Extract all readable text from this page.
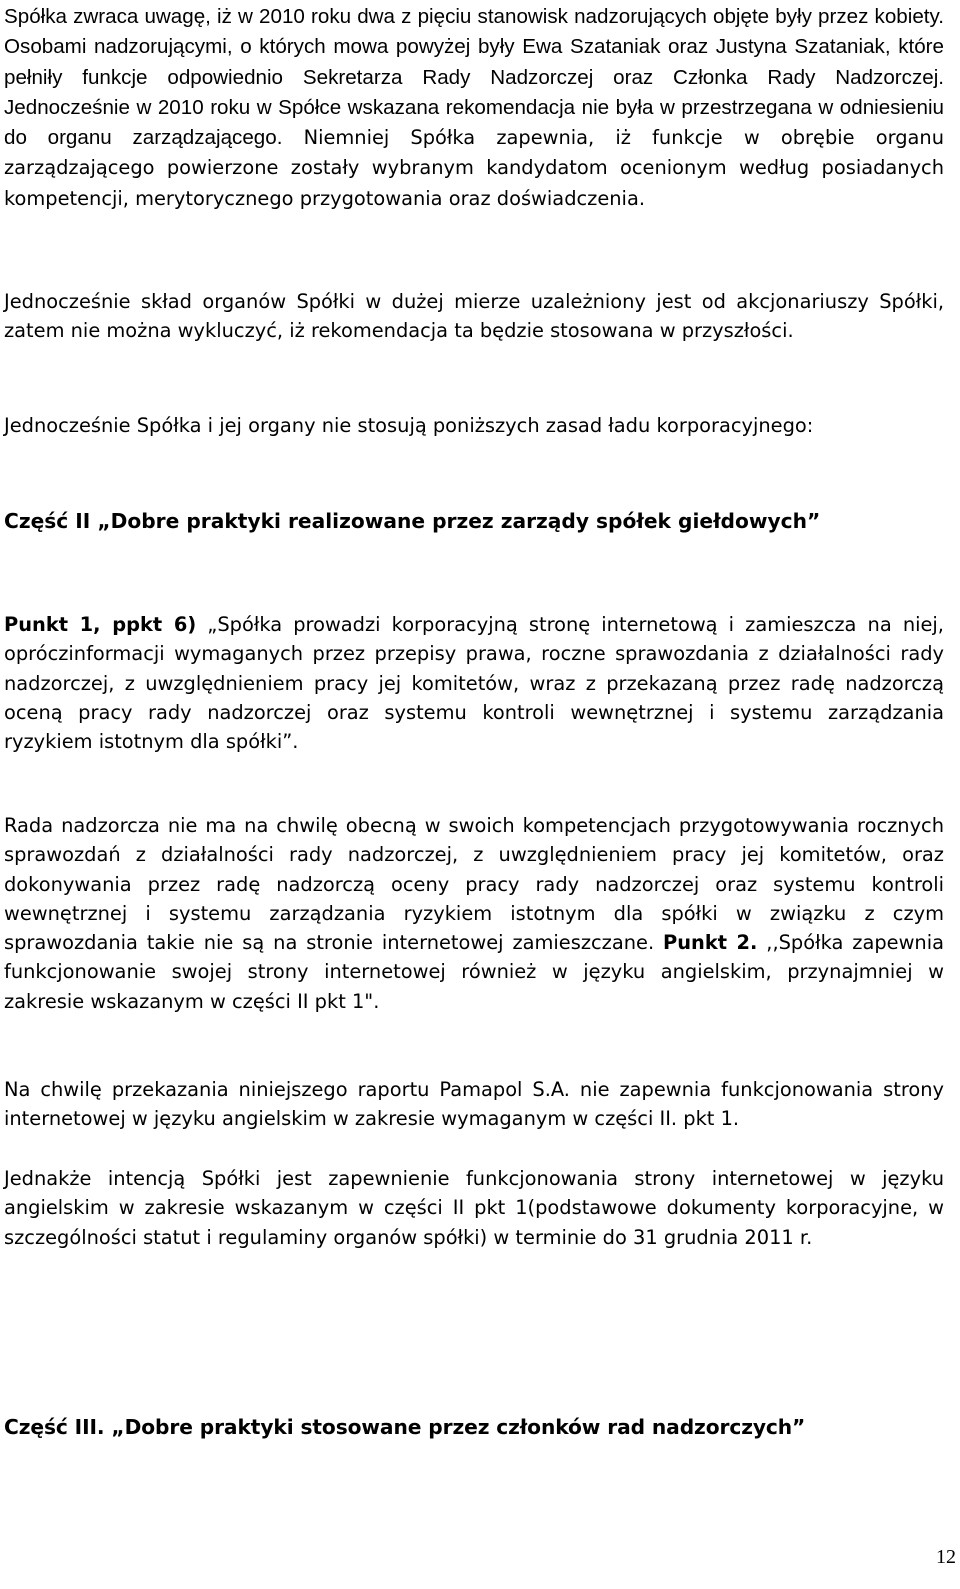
Spółka zwraca uwagę, iż w 2010 roku dwa z pięciu stanowisk nadzorujących objęte były przez kobiety. Osobami nadzorującymi, o których mowa powyżej były Ewa Szataniak oraz Justyna Szataniak, które pełniły funkcje odpowiednio Sekretarza Rady Nadzorczej oraz Członka Rady Nadzorczej. Jednocześnie w 2010 roku w Spółce wskazana rekomendacja nie była w przestrzegana w odniesieniu do organu zarządzającego. Niemniej Spółka zapewnia, iż funkcje w obrębie organu zarządzającego powierzone zostały wybranym kandydatom ocenionym według posiadanych kompetencji, merytorycznego przygotowania oraz doświadczenia.

Jednocześnie skład organów Spółki w dużej mierze uzależniony jest od akcjonariuszy Spółki, zatem nie można wykluczyć, iż rekomendacja ta będzie stosowana w przyszłości.

Jednocześnie Spółka i jej organy nie stosują poniższych zasad ładu korporacyjnego:

Część II „Dobre praktyki realizowane przez zarządy spółek giełdowych”

Punkt 1, ppkt 6) „Spółka prowadzi korporacyjną stronę internetową i zamieszcza na niej, opróczinformacji wymaganych przez przepisy prawa, roczne sprawozdania z działalności rady nadzorczej, z uwzględnieniem pracy jej komitetów, wraz z przekazaną przez radę nadzorczą oceną pracy rady nadzorczej oraz systemu kontroli wewnętrznej i systemu zarządzania ryzykiem istotnym dla spółki”.

Rada nadzorcza nie ma na chwilę obecną w swoich kompetencjach przygotowywania rocznych sprawozdań z działalności rady nadzorczej, z uwzględnieniem pracy jej komitetów, oraz dokonywania przez radę nadzorczą oceny pracy rady nadzorczej oraz systemu kontroli wewnętrznej i systemu zarządzania ryzykiem istotnym dla spółki w związku z czym sprawozdania takie nie są na stronie internetowej zamieszczane. Punkt 2. ,,Spółka zapewnia funkcjonowanie swojej strony internetowej również w języku angielskim, przynajmniej w zakresie wskazanym w części II pkt 1".

Na chwilę przekazania niniejszego raportu Pamapol S.A. nie zapewnia funkcjonowania strony internetowej w języku angielskim w zakresie wymaganym w części II. pkt 1.

Jednakże intencją Spółki jest zapewnienie funkcjonowania strony internetowej w języku angielskim w zakresie wskazanym w części II pkt 1(podstawowe dokumenty korporacyjne, w szczególności statut i regulaminy organów spółki) w terminie do 31 grudnia 2011 r.

Część III. „Dobre praktyki stosowane przez członków rad nadzorczych”

12
